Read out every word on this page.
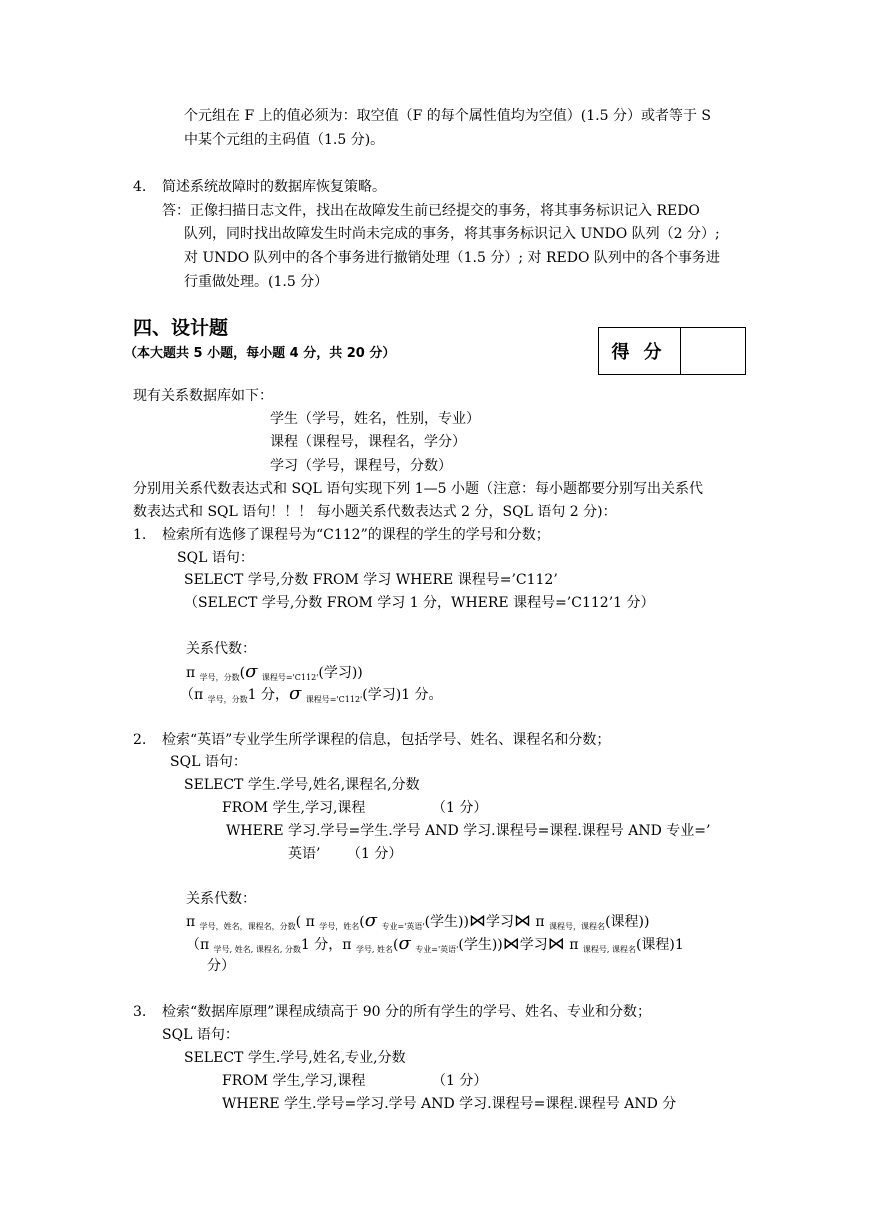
个元组在 F 上的值必须为：取空值（F 的每个属性值均为空值）(1.5 分）或者等于 S
中某个元组的主码值（1.5 分)。
4. 简述系统故障时的数据库恢复策略。
答：正像扫描日志文件，找出在故障发生前已经提交的事务，将其事务标识记入 REDO
队列，同时找出故障发生时尚未完成的事务，将其事务标识记入 UNDO 队列（2 分）;
对 UNDO 队列中的各个事务进行撤销处理（1.5 分）; 对 REDO 队列中的各个事务进
行重做处理。(1.5 分）
四、设计题
（本大题共 5 小题，每小题 4 分，共 20 分）	得分
现有关系数据库如下：
学生（学号，姓名，性别，专业）
课程（课程号，课程名，学分）
学习（学号，课程号，分数）
分别用关系代数表达式和 SQL 语句实现下列 1—5 小题（注意：每小题都要分别写出关系代
数表达式和 SQL 语句！！！ 每小题关系代数表达式 2 分，SQL 语句 2 分)：
1. 检索所有选修了课程号为“C112”的课程的学生的学号和分数；
SQL 语句：
SELECT 学号,分数 FROM 学习 WHERE 课程号=’C112’
（SELECT 学号,分数 FROM 学习 1 分，WHERE 课程号=’C112’1 分）
关系代数：
π $_{学号,分数}$(σ $_{课程号='C112'}$(学习))
（π $_{学号,分数}$1 分，σ $_{课程号='C112'}$(学习)1 分。
2. 检索“英语”专业学生所学课程的信息，包括学号、姓名、课程名和分数；
SQL 语句：
SELECT 学生.学号,姓名,课程名,分数
FROM 学生,学习,课程	（1 分）
WHERE 学习.学号=学生.学号 AND 学习.课程号=课程.课程号 AND 专业=’
英语’ （1 分）
关系代数：
π $_{学号,姓名,课程名,分数}$( π $_{学号,姓名}$(σ $_{专业='英语'}$(学生))⋈学习⋈ π $_{课程号,课程名}$(课程))
（π $_{学号, 姓名, 课程名, 分数}$1 分，π $_{学号, 姓名}$(σ $_{专业='英语'}$(学生))⋈学习⋈ π $_{课程号, 课程名}$(课程)1
分）
3. 检索“数据库原理”课程成绩高于 90 分的所有学生的学号、姓名、专业和分数；
SQL 语句：
SELECT 学生.学号,姓名,专业,分数
FROM 学生,学习,课程	（1 分）
WHERE 学生.学号=学习.学号 AND 学习.课程号=课程.课程号 AND 分
